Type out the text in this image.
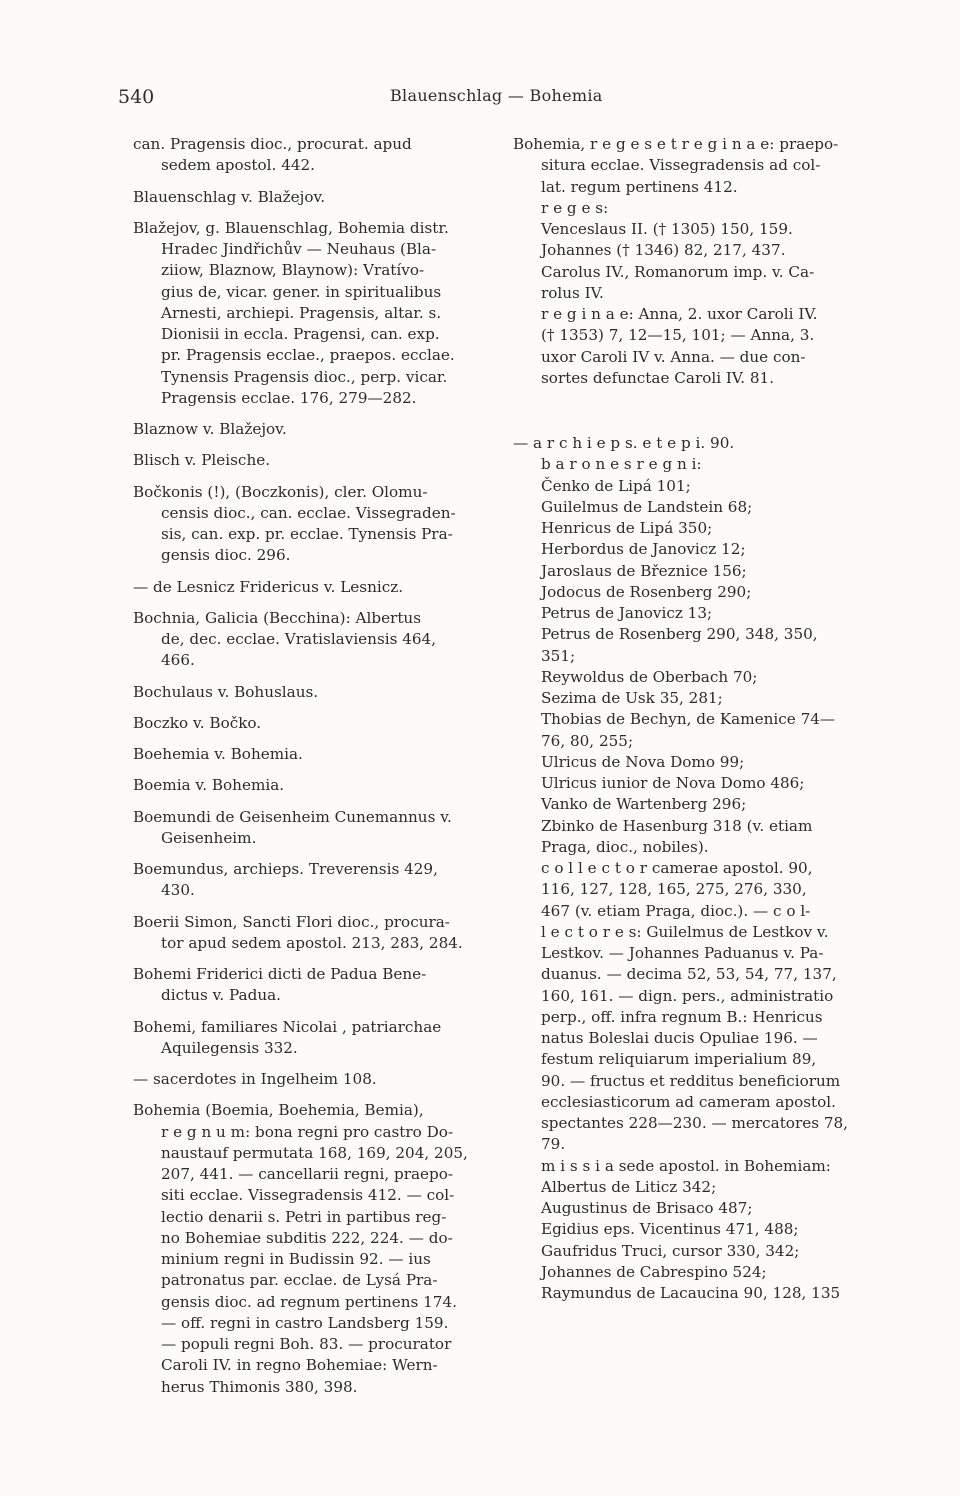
540	Blauenschlag — Bohemia
can. Pragensis dioc., procurat. apud
sedem apostol. 442.
Blauenschlag v. Blažejov.
Blažejov, g. Blauenschlag, Bohemia distr.
Hradec Jindřichův — Neuhaus (Bla-
ziiow, Blaznow, Blaynow): Vratívo-
gius de, vicar. gener. in spiritualibus
Arnesti, archiepi. Pragensis, altar. s.
Dionisii in eccla. Pragensi, can. exp.
pr. Pragensis ecclae., praepos. ecclae.
Tynensis Pragensis dioc., perp. vicar.
Pragensis ecclae. 176, 279—282.
Blaznow v. Blažejov.
Blisch v. Pleische.
Bočkonis (!), (Boczkonis), cler. Olomu-
censis dioc., can. ecclae. Vissegraden-
sis, can. exp. pr. ecclae. Tynensis Pra-
gensis dioc. 296.
— de Lesnicz Fridericus v. Lesnicz.
Bochnia, Galicia (Becchina): Albertus
de, dec. ecclae. Vratislaviensis 464,
466.
Bochulaus v. Bohuslaus.
Boczko v. Bočko.
Boehemia v. Bohemia.
Boemia v. Bohemia.
Boemundi de Geisenheim Cunemannus v.
Geisenheim.
Boemundus, archieps. Treverensis 429,
430.
Boerii Simon, Sancti Flori dioc., procura-
tor apud sedem apostol. 213, 283, 284.
Bohemi Friderici dicti de Padua Bene-
dictus v. Padua.
Bohemi, familiares Nicolai , patriarchae
Aquilegensis 332.
— sacerdotes in Ingelheim 108.
Bohemia (Boemia, Boehemia, Bemia),
r e g n u m: bona regni pro castro Do-
naustauf permutata 168, 169, 204, 205,
207, 441. — cancellarii regni, praepo-
siti ecclae. Vissegradensis 412. — col-
lectio denarii s. Petri in partibus reg-
no Bohemiae subditis 222, 224. — do-
minium regni in Budissin 92. — ius
patronatus par. ecclae. de Lysá Pra-
gensis dioc. ad regnum pertinens 174.
— off. regni in castro Landsberg 159.
— populi regni Boh. 83. — procurator
Caroli IV. in regno Bohemiae: Wern-
herus Thimonis 380, 398.
Bohemia, r e g e s e t r e g i n a e: praepo-
situra ecclae. Vissegradensis ad col-
lat. regum pertinens 412.
r e g e s:
Venceslaus II. († 1305) 150, 159.
Johannes († 1346) 82, 217, 437.
Carolus IV., Romanorum imp. v. Ca-
rolus IV.
r e g i n a e: Anna, 2. uxor Caroli IV.
(† 1353) 7, 12—15, 101; — Anna, 3.
uxor Caroli IV v. Anna. — due con-
sortes defunctae Caroli IV. 81.
— a r c h i e p s. e t e p i. 90.
b a r o n e s r e g n i:
Čenko de Lipá 101;
Guilelmus de Landstein 68;
Henricus de Lipá 350;
Herbordus de Janovicz 12;
Jaroslaus de Březnice 156;
Jodocus de Rosenberg 290;
Petrus de Janovicz 13;
Petrus de Rosenberg 290, 348, 350,
351;
Reywoldus de Oberbach 70;
Sezima de Usk 35, 281;
Thobias de Bechyn, de Kamenice 74—
76, 80, 255;
Ulricus de Nova Domo 99;
Ulricus iunior de Nova Domo 486;
Vanko de Wartenberg 296;
Zbinko de Hasenburg 318 (v. etiam
Praga, dioc., nobiles).
c o l l e c t o r camerae apostol. 90,
116, 127, 128, 165, 275, 276, 330,
467 (v. etiam Praga, dioc.). — c o l-
l e c t o r e s: Guilelmus de Lestkov v.
Lestkov. — Johannes Paduanus v. Pa-
duanus. — decima 52, 53, 54, 77, 137,
160, 161. — dign. pers., administratio
perp., off. infra regnum B.: Henricus
natus Boleslai ducis Opuliae 196. —
festum reliquiarum imperialium 89,
90. — fructus et redditus beneficiorum
ecclesiasticorum ad cameram apostol.
spectantes 228—230. — mercatores 78,
79.
m i s s i a sede apostol. in Bohemiam:
Albertus de Liticz 342;
Augustinus de Brisaco 487;
Egidius eps. Vicentinus 471, 488;
Gaufridus Truci, cursor 330, 342;
Johannes de Cabrespino 524;
Raymundus de Lacaucina 90, 128, 135
